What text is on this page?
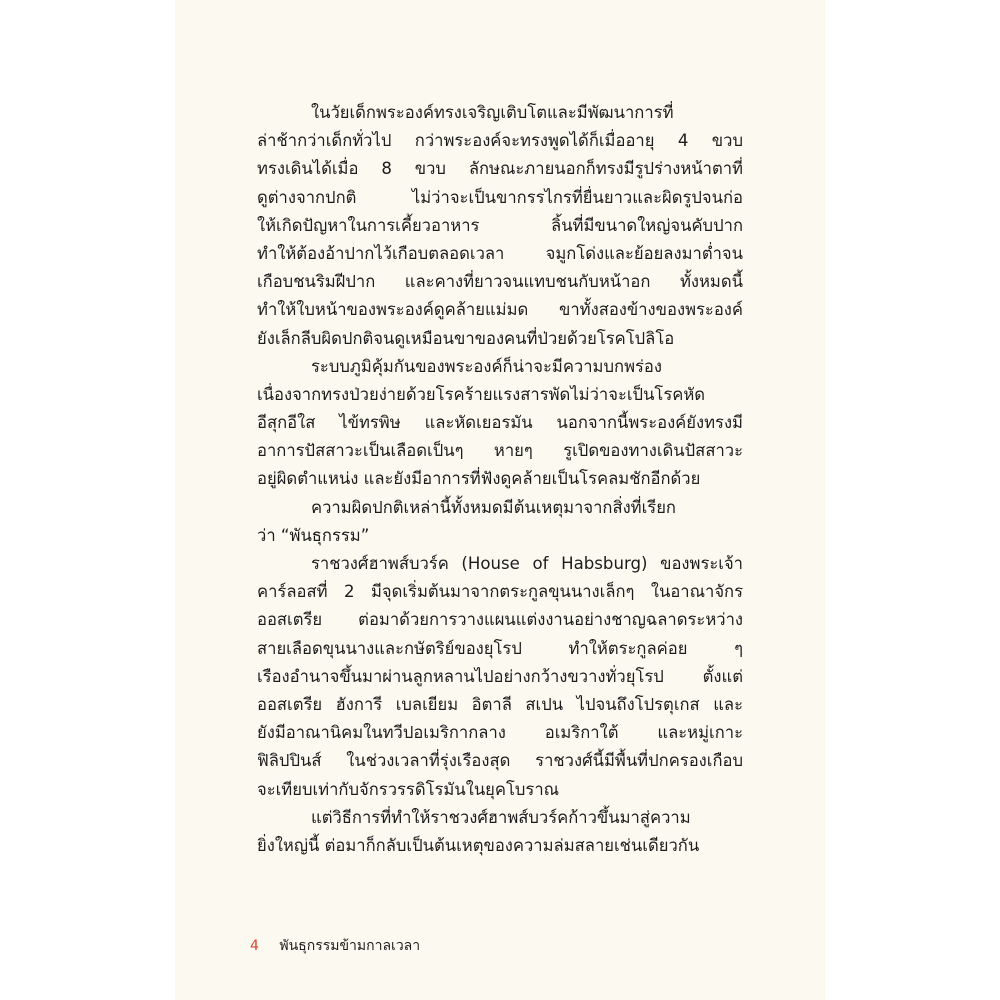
ในวัยเด็กพระองค์ทรงเจริญเติบโตและมีพัฒนาการที่
ล่าช้ากว่าเด็กทั่วไป กว่าพระองค์จะทรงพูดได้ก็เมื่ออายุ 4 ขวบ
ทรงเดินได้เมื่อ 8 ขวบ ลักษณะภายนอกก็ทรงมีรูปร่างหน้าตาที่
ดูต่างจากปกติ ไม่ว่าจะเป็นขากรรไกรที่ยื่นยาวและผิดรูปจนก่อ
ให้เกิดปัญหาในการเคี้ยวอาหาร ลิ้นที่มีขนาดใหญ่จนคับปาก
ทำให้ต้องอ้าปากไว้เกือบตลอดเวลา จมูกโด่งและย้อยลงมาต่ำจน
เกือบชนริมฝีปาก และคางที่ยาวจนแทบชนกับหน้าอก ทั้งหมดนี้
ทำให้ใบหน้าของพระองค์ดูคล้ายแม่มด ขาทั้งสองข้างของพระองค์
ยังเล็กลีบผิดปกติจนดูเหมือนขาของคนที่ป่วยด้วยโรคโปลิโอ
ระบบภูมิคุ้มกันของพระองค์ก็น่าจะมีความบกพร่อง
เนื่องจากทรงป่วยง่ายด้วยโรคร้ายแรงสารพัดไม่ว่าจะเป็นโรคหัด
อีสุกอีใส ไข้ทรพิษ และหัดเยอรมัน นอกจากนี้พระองค์ยังทรงมี
อาการปัสสาวะเป็นเลือดเป็นๆ หายๆ รูเปิดของทางเดินปัสสาวะ
อยู่ผิดตำแหน่ง และยังมีอาการที่ฟังดูคล้ายเป็นโรคลมชักอีกด้วย
ความผิดปกติเหล่านี้ทั้งหมดมีต้นเหตุมาจากสิ่งที่เรียก
ว่า “พันธุกรรม”
ราชวงศ์ฮาพส์บวร์ค (House of Habsburg) ของพระเจ้า
คาร์ลอสที่ 2 มีจุดเริ่มต้นมาจากตระกูลขุนนางเล็กๆ ในอาณาจักร
ออสเตรีย ต่อมาด้วยการวางแผนแต่งงานอย่างชาญฉลาดระหว่าง
สายเลือดขุนนางและกษัตริย์ของยุโรป ทำให้ตระกูลค่อย ๆ
เรืองอำนาจขึ้นมาผ่านลูกหลานไปอย่างกว้างขวางทั่วยุโรป ตั้งแต่
ออสเตรีย ฮังการี เบลเยียม อิตาลี สเปน ไปจนถึงโปรตุเกส และ
ยังมีอาณานิคมในทวีปอเมริกากลาง อเมริกาใต้ และหมู่เกาะ
ฟิลิปปินส์ ในช่วงเวลาที่รุ่งเรืองสุด ราชวงศ์นี้มีพื้นที่ปกครองเกือบ
จะเทียบเท่ากับจักรวรรดิโรมันในยุคโบราณ
แต่วิธีการที่ทำให้ราชวงศ์ฮาพส์บวร์คก้าวขึ้นมาสู่ความ
ยิ่งใหญ่นี้ ต่อมาก็กลับเป็นต้นเหตุของความล่มสลายเช่นเดียวกัน
4 พันธุกรรมข้ามกาลเวลา
